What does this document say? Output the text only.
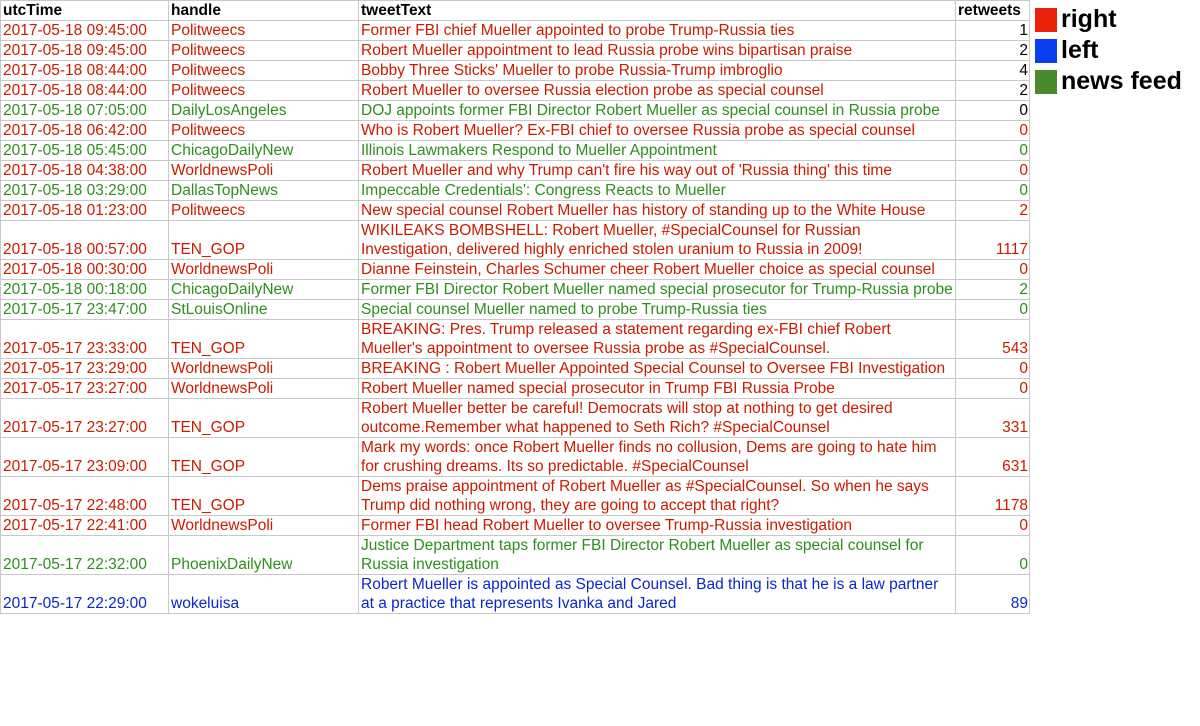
utcTime	handle	tweetText	retweets
2017-05-18 09:45:00	Politweecs	Former FBI chief Mueller appointed to probe Trump-Russia ties	1
2017-05-18 09:45:00	Politweecs	Robert Mueller appointment to lead Russia probe wins bipartisan praise	2
2017-05-18 08:44:00	Politweecs	Bobby Three Sticks' Mueller to probe Russia-Trump imbroglio	4
2017-05-18 08:44:00	Politweecs	Robert Mueller to oversee Russia election probe as special counsel	2
2017-05-18 07:05:00	DailyLosAngeles	DOJ appoints former FBI Director Robert Mueller as special counsel in Russia probe	0
2017-05-18 06:42:00	Politweecs	Who is Robert Mueller? Ex-FBI chief to oversee Russia probe as special counsel	0
2017-05-18 05:45:00	ChicagoDailyNew	Illinois Lawmakers Respond to Mueller Appointment	0
2017-05-18 04:38:00	WorldnewsPoli	Robert Mueller and why Trump can't fire his way out of 'Russia thing' this time	0
2017-05-18 03:29:00	DallasTopNews	Impeccable Credentials': Congress Reacts to Mueller	0
2017-05-18 01:23:00	Politweecs	New special counsel Robert Mueller has history of standing up to the White House	2
2017-05-18 00:57:00	TEN_GOP	WIKILEAKS BOMBSHELL: Robert Mueller, #SpecialCounsel for Russian Investigation, delivered highly enriched stolen uranium to Russia in 2009!	1117
2017-05-18 00:30:00	WorldnewsPoli	Dianne Feinstein, Charles Schumer cheer Robert Mueller choice as special counsel	0
2017-05-18 00:18:00	ChicagoDailyNew	Former FBI Director Robert Mueller named special prosecutor for Trump-Russia probe	2
2017-05-17 23:47:00	StLouisOnline	Special counsel Mueller named to probe Trump-Russia ties	0
2017-05-17 23:33:00	TEN_GOP	BREAKING: Pres. Trump released a statement regarding ex-FBI chief Robert Mueller's appointment to oversee Russia probe as #SpecialCounsel.	543
2017-05-17 23:29:00	WorldnewsPoli	BREAKING : Robert Mueller Appointed Special Counsel to Oversee FBI Investigation	0
2017-05-17 23:27:00	WorldnewsPoli	Robert Mueller named special prosecutor in Trump FBI Russia Probe	0
2017-05-17 23:27:00	TEN_GOP	Robert Mueller better be careful! Democrats will stop at nothing to get desired outcome.Remember what happened to Seth Rich? #SpecialCounsel	331
2017-05-17 23:09:00	TEN_GOP	Mark my words: once Robert Mueller finds no collusion, Dems are going to hate him for crushing dreams. Its so predictable. #SpecialCounsel	631
2017-05-17 22:48:00	TEN_GOP	Dems praise appointment of Robert Mueller as #SpecialCounsel. So when he says Trump did nothing wrong, they are going to accept that right?	1178
2017-05-17 22:41:00	WorldnewsPoli	Former FBI head Robert Mueller to oversee Trump-Russia investigation	0
2017-05-17 22:32:00	PhoenixDailyNew	Justice Department taps former FBI Director Robert Mueller as special counsel for Russia investigation	0
2017-05-17 22:29:00	wokeluisa	Robert Mueller is appointed as Special Counsel. Bad thing is that he is a law partner at a practice that represents Ivanka and Jared	89
right
left
news feed
